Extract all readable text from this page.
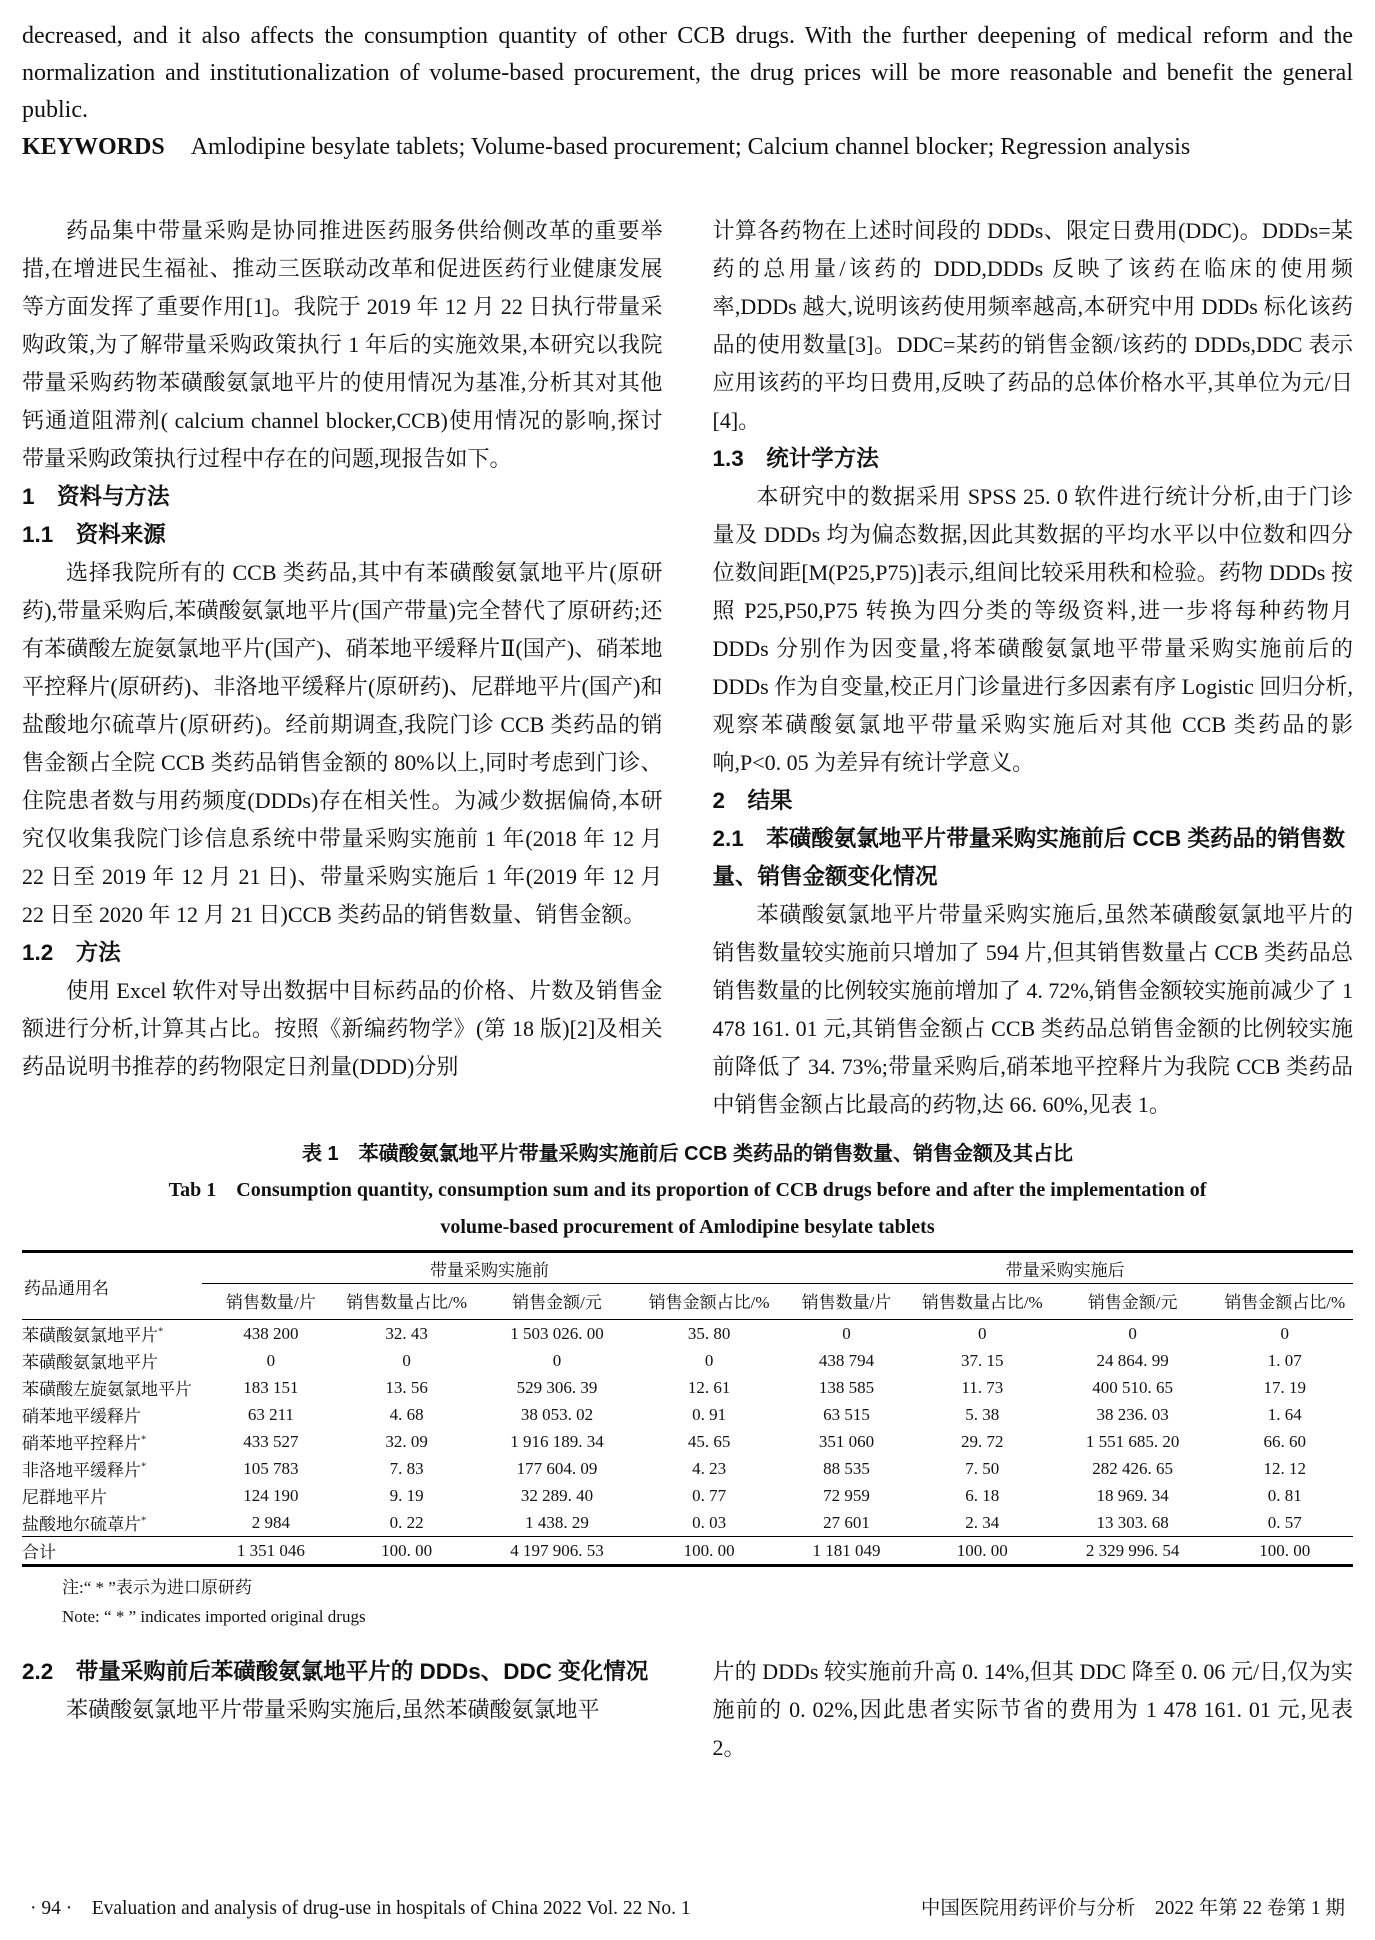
decreased, and it also affects the consumption quantity of other CCB drugs. With the further deepening of medical reform and the normalization and institutionalization of volume-based procurement, the drug prices will be more reasonable and benefit the general public.

KEYWORDS Amlodipine besylate tablets; Volume-based procurement; Calcium channel blocker; Regression analysis

药品集中带量采购是协同推进医药服务供给侧改革的重要举措,在增进民生福祉、推动三医联动改革和促进医药行业健康发展等方面发挥了重要作用[1]。我院于 2019 年 12 月 22 日执行带量采购政策,为了解带量采购政策执行 1 年后的实施效果,本研究以我院带量采购药物苯磺酸氨氯地平片的使用情况为基准,分析其对其他钙通道阻滞剂( calcium channel blocker,CCB)使用情况的影响,探讨带量采购政策执行过程中存在的问题,现报告如下。

1　资料与方法

1.1　资料来源

选择我院所有的 CCB 类药品,其中有苯磺酸氨氯地平片(原研药),带量采购后,苯磺酸氨氯地平片(国产带量)完全替代了原研药;还有苯磺酸左旋氨氯地平片(国产)、硝苯地平缓释片Ⅱ(国产)、硝苯地平控释片(原研药)、非洛地平缓释片(原研药)、尼群地平片(国产)和盐酸地尔硫䓬片(原研药)。经前期调查,我院门诊 CCB 类药品的销售金额占全院 CCB 类药品销售金额的 80%以上,同时考虑到门诊、住院患者数与用药频度(DDDs)存在相关性。为减少数据偏倚,本研究仅收集我院门诊信息系统中带量采购实施前 1 年(2018 年 12 月 22 日至 2019 年 12 月 21 日)、带量采购实施后 1 年(2019 年 12 月 22 日至 2020 年 12 月 21 日)CCB 类药品的销售数量、销售金额。

1.2　方法

使用 Excel 软件对导出数据中目标药品的价格、片数及销售金额进行分析,计算其占比。按照《新编药物学》(第 18 版)[2]及相关药品说明书推荐的药物限定日剂量(DDD)分别

计算各药物在上述时间段的 DDDs、限定日费用(DDC)。DDDs=某药的总用量/该药的 DDD,DDDs 反映了该药在临床的使用频率,DDDs 越大,说明该药使用频率越高,本研究中用 DDDs 标化该药品的使用数量[3]。DDC=某药的销售金额/该药的 DDDs,DDC 表示应用该药的平均日费用,反映了药品的总体价格水平,其单位为元/日[4]。

1.3　统计学方法

本研究中的数据采用 SPSS 25. 0 软件进行统计分析,由于门诊量及 DDDs 均为偏态数据,因此其数据的平均水平以中位数和四分位数间距[M(P25,P75)]表示,组间比较采用秩和检验。药物 DDDs 按照 P25,P50,P75 转换为四分类的等级资料,进一步将每种药物月 DDDs 分别作为因变量,将苯磺酸氨氯地平带量采购实施前后的 DDDs 作为自变量,校正月门诊量进行多因素有序 Logistic 回归分析,观察苯磺酸氨氯地平带量采购实施后对其他 CCB 类药品的影响,P<0. 05 为差异有统计学意义。

2　结果

2.1　苯磺酸氨氯地平片带量采购实施前后 CCB 类药品的销售数量、销售金额变化情况

苯磺酸氨氯地平片带量采购实施后,虽然苯磺酸氨氯地平片的销售数量较实施前只增加了 594 片,但其销售数量占 CCB 类药品总销售数量的比例较实施前增加了 4. 72%,销售金额较实施前减少了 1 478 161. 01 元,其销售金额占 CCB 类药品总销售金额的比例较实施前降低了 34. 73%;带量采购后,硝苯地平控释片为我院 CCB 类药品中销售金额占比最高的药物,达 66. 60%,见表 1。

表 1　苯磺酸氨氯地平片带量采购实施前后 CCB 类药品的销售数量、销售金额及其占比
Tab 1　Consumption quantity, consumption sum and its proportion of CCB drugs before and after the implementation of
volume-based procurement of Amlodipine besylate tablets
药品通用名	带量采购实施前				带量采购实施后			
	销售数量/片	销售数量占比/%	销售金额/元	销售金额占比/%	销售数量/片	销售数量占比/%	销售金额/元	销售金额占比/%
苯磺酸氨氯地平片*	438 200	32. 43	1 503 026. 00	35. 80	0	0	0	0
苯磺酸氨氯地平片	0	0	0	0	438 794	37. 15	24 864. 99	1. 07
苯磺酸左旋氨氯地平片	183 151	13. 56	529 306. 39	12. 61	138 585	11. 73	400 510. 65	17. 19
硝苯地平缓释片	63 211	4. 68	38 053. 02	0. 91	63 515	5. 38	38 236. 03	1. 64
硝苯地平控释片*	433 527	32. 09	1 916 189. 34	45. 65	351 060	29. 72	1 551 685. 20	66. 60
非洛地平缓释片*	105 783	7. 83	177 604. 09	4. 23	88 535	7. 50	282 426. 65	12. 12
尼群地平片	124 190	9. 19	32 289. 40	0. 77	72 959	6. 18	18 969. 34	0. 81
盐酸地尔硫䓬片*	2 984	0. 22	1 438. 29	0. 03	27 601	2. 34	13 303. 68	0. 57
合计	1 351 046	100. 00	4 197 906. 53	100. 00	1 181 049	100. 00	2 329 996. 54	100. 00
注:“ * ”表示为进口原研药
Note: “ * ” indicates imported original drugs

2.2　带量采购前后苯磺酸氨氯地平片的 DDDs、DDC 变化情况

苯磺酸氨氯地平片带量采购实施后,虽然苯磺酸氨氯地平

片的 DDDs 较实施前升高 0. 14%,但其 DDC 降至 0. 06 元/日,仅为实施前的 0. 02%,因此患者实际节省的费用为 1 478 161. 01 元,见表 2。

· 94 ·　Evaluation and analysis of drug-use in hospitals of China 2022 Vol. 22 No. 1	中国医院用药评价与分析　2022 年第 22 卷第 1 期
